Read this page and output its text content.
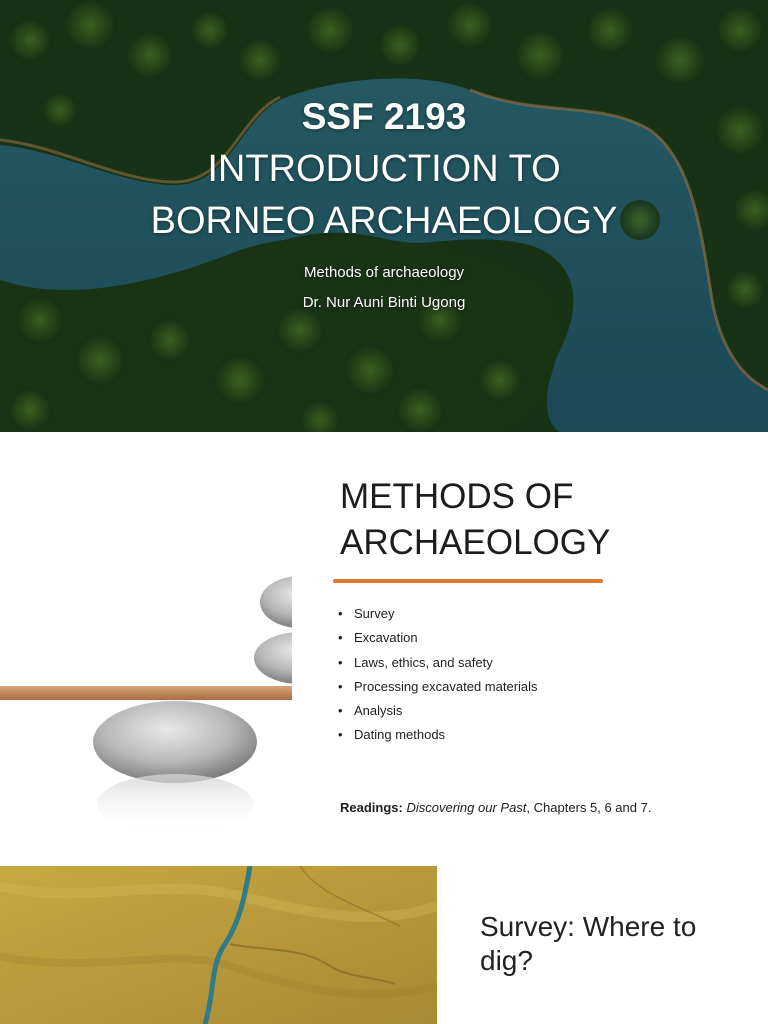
SSF 2193
INTRODUCTION TO
BORNEO ARCHAEOLOGY
Methods of archaeology
Dr. Nur Auni Binti Ugong
METHODS OF
ARCHAEOLOGY
• Survey
• Excavation
• Laws, ethics, and safety
• Processing excavated materials
• Analysis
• Dating methods
Readings: Discovering our Past, Chapters 5, 6 and 7.
Survey: Where to
dig?
